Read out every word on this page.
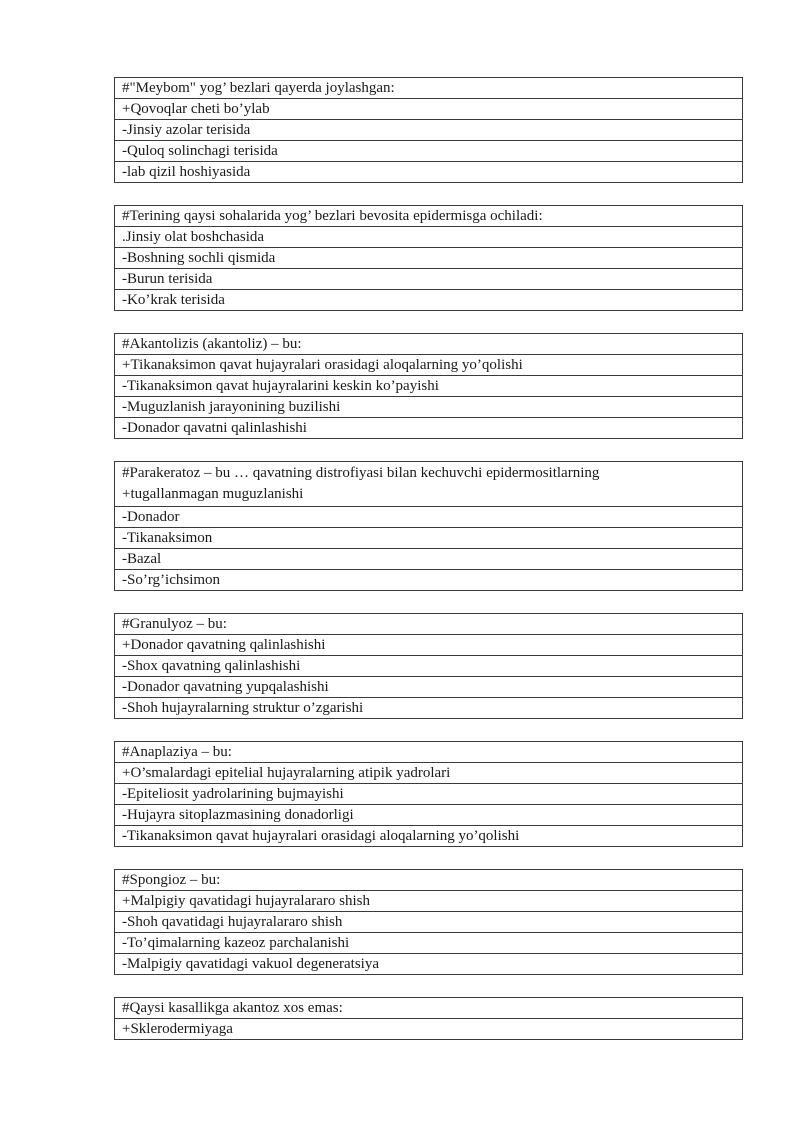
#"Meybom" yog’ bezlari qayerda joylashgan:
+Qovoqlar cheti bo’ylab
-Jinsiy azolar terisida
-Quloq solinchagi terisida
-lab qizil hoshiyasida
#Terining qaysi sohalarida yog’ bezlari bevosita epidermisga ochiladi:
.Jinsiy olat boshchasida
-Boshning sochli qismida
-Burun terisida
-Ko’krak terisida
#Akantolizis (akantoliz) – bu:
+Tikanaksimon qavat hujayralari orasidagi aloqalarning yo’qolishi
-Tikanaksimon qavat hujayralarini keskin ko’payishi
-Muguzlanish jarayonining buzilishi
-Donador qavatni qalinlashishi
#Parakeratoz – bu … qavatning distrofiyasi bilan kechuvchi epidermositlarning
+tugallanmagan muguzlanishi

-Donador
-Tikanaksimon
-Bazal
-So’rg’ichsimon
#Granulyoz – bu:
+Donador qavatning qalinlashishi
-Shox qavatning qalinlashishi
-Donador qavatning yupqalashishi
-Shoh hujayralarning struktur o’zgarishi
#Anaplaziya – bu:
+O’smalardagi epitelial hujayralarning atipik yadrolari
-Epiteliosit yadrolarining bujmayishi
-Hujayra sitoplazmasining donadorligi
-Tikanaksimon qavat hujayralari orasidagi aloqalarning yo’qolishi
#Spongioz – bu:
+Malpigiy qavatidagi hujayralararo shish
-Shoh qavatidagi hujayralararo shish
-To’qimalarning kazeoz parchalanishi
-Malpigiy qavatidagi vakuol degeneratsiya
#Qaysi kasallikga akantoz xos emas:
+Sklerodermiyaga
